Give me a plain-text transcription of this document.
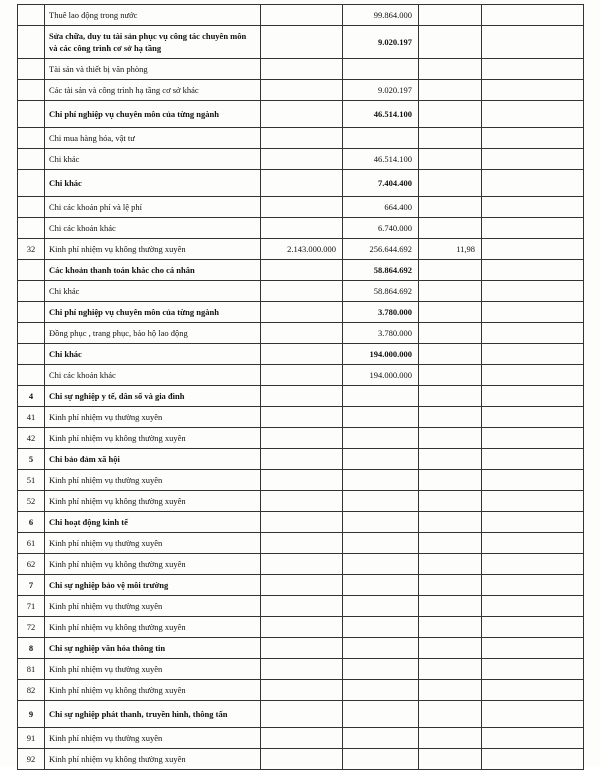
	Thuê lao động trong nước		99.864.000		
	Sửa chữa, duy tu tài sản phục vụ công tác chuyên môn và các công trình cơ sở hạ tầng		9.020.197		
	Tài sản và thiết bị văn phòng				
	Các tài sản và công trình hạ tầng cơ sở khác		9.020.197		
	Chi phí nghiệp vụ chuyên môn của từng ngành		46.514.100		
	Chi mua hàng hóa, vật tư				
	Chi khác		46.514.100		
	Chi khác		7.404.400		
	Chi các khoản phí và lệ phí		664.400		
	Chi các khoản khác		6.740.000		
32	Kinh phí nhiệm vụ không thường xuyên	2.143.000.000	256.644.692	11,98	
	Các khoản thanh toán khác cho cá nhân		58.864.692		
	Chi khác		58.864.692		
	Chi phí nghiệp vụ chuyên môn của từng ngành		3.780.000		
	Đồng phục , trang phục, bảo hộ lao động		3.780.000		
	Chi khác		194.000.000		
	Chi các khoản khác		194.000.000		
4	Chi sự nghiệp y tế, dân số và gia đình				
41	Kinh phí nhiệm vụ thường xuyên				
42	Kinh phí nhiệm vụ không thường xuyên				
5	Chi bảo đảm xã hội				
51	Kinh phí nhiệm vụ thường xuyên				
52	Kinh phí nhiệm vụ không thường xuyên				
6	Chi hoạt động kinh tế				
61	Kinh phí nhiệm vụ thường xuyên				
62	Kinh phí nhiệm vụ không thường xuyên				
7	Chi sự nghiệp bảo vệ môi trường				
71	Kinh phí nhiệm vụ thường xuyên				
72	Kinh phí nhiệm vụ không thường xuyên				
8	Chi sự nghiệp văn hóa thông tin				
81	Kinh phí nhiệm vụ thường xuyên				
82	Kinh phí nhiệm vụ không thường xuyên				
9	Chi sự nghiệp phát thanh, truyền hình, thông tấn				
91	Kinh phí nhiệm vụ thường xuyên				
92	Kinh phí nhiệm vụ không thường xuyên				
